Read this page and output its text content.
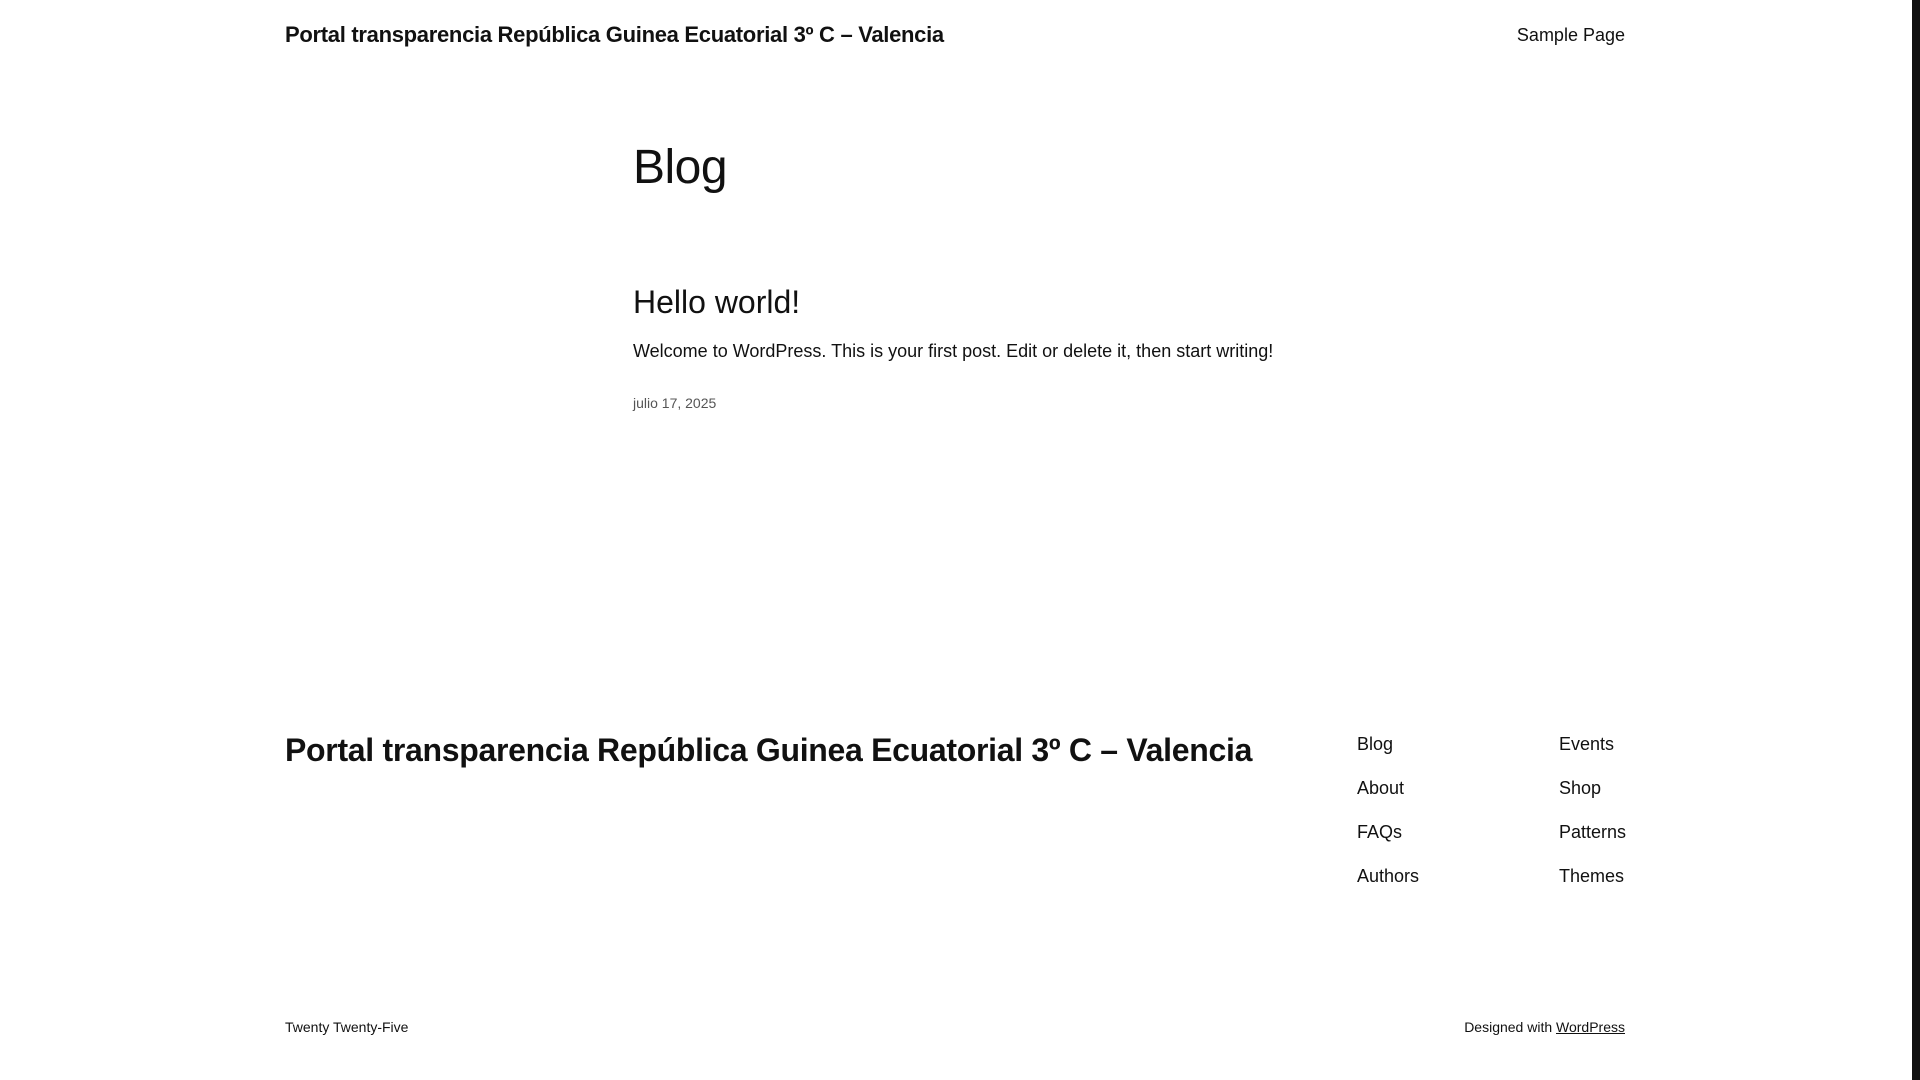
Portal transparencia República Guinea Ecuatorial 3º C – Valencia	Sample Page
Blog
Hello world!

Welcome to WordPress. This is your first post. Edit or delete it, then start writing!

julio 17, 2025
Portal transparencia República Guinea Ecuatorial 3º C – Valencia	Blog
About
FAQs
Authors
Events
Shop
Patterns
Themes
Twenty Twenty-Five	Designed with WordPress
